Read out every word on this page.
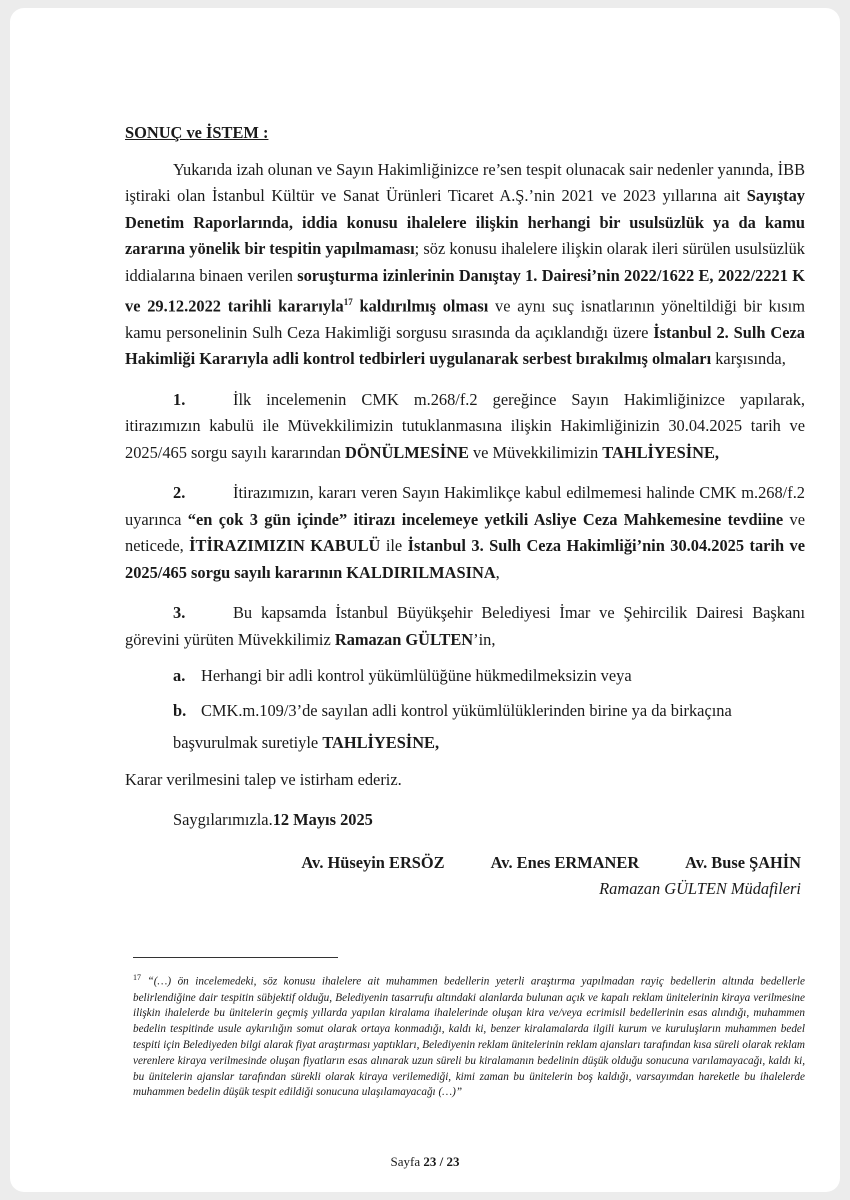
SONUÇ ve İSTEM :

Yukarıda izah olunan ve Sayın Hakimliğinizce re’sen tespit olunacak sair nedenler yanında, İBB iştiraki olan İstanbul Kültür ve Sanat Ürünleri Ticaret A.Ş.’nin 2021 ve 2023 yıllarına ait Sayıştay Denetim Raporlarında, iddia konusu ihalelere ilişkin herhangi bir usulsüzlük ya da kamu zararına yönelik bir tespitin yapılmaması; söz konusu ihalelere ilişkin olarak ileri sürülen usulsüzlük iddialarına binaen verilen soruşturma izinlerinin Danıştay 1. Dairesi’nin 2022/1622 E, 2022/2221 K ve 29.12.2022 tarihli kararıyla$^{17}$ kaldırılmış olması ve aynı suç isnatlarının yöneltildiği bir kısım kamu personelinin Sulh Ceza Hakimliği sorgusu sırasında da açıklandığı üzere İstanbul 2. Sulh Ceza Hakimliği Kararıyla adli kontrol tedbirleri uygulanarak serbest bırakılmış olmaları karşısında,

1.	İlk incelemenin CMK m.268/f.2 gereğince Sayın Hakimliğinizce yapılarak, itirazımızın kabulü ile Müvekkilimizin tutuklanmasına ilişkin Hakimliğinizin 30.04.2025 tarih ve 2025/465 sorgu sayılı kararından DÖNÜLMESİNE ve Müvekkilimizin TAHLİYESİNE,

2.	İtirazımızın, kararı veren Sayın Hakimlikçe kabul edilmemesi halinde CMK m.268/f.2 uyarınca “en çok 3 gün içinde” itirazı incelemeye yetkili Asliye Ceza Mahkemesine tevdiine ve neticede, İTİRAZIMIZIN KABULÜ ile İstanbul 3. Sulh Ceza Hakimliği’nin 30.04.2025 tarih ve 2025/465 sorgu sayılı kararının KALDIRILMASINA,

3.	Bu kapsamda İstanbul Büyükşehir Belediyesi İmar ve Şehircilik Dairesi Başkanı görevini yürüten Müvekkilimiz Ramazan GÜLTEN’in,

a. Herhangi bir adli kontrol yükümlülüğüne hükmedilmeksizin veya

b. CMK.m.109/3’de sayılan adli kontrol yükümlülüklerinden birine ya da birkaçına

başvurulmak suretiyle TAHLİYESİNE,

Karar verilmesini talep ve istirham ederiz.

Saygılarımızla.12 Mayıs 2025

Av. Hüseyin ERSÖZ	Av. Enes ERMANER	Av. Buse ŞAHİN
Ramazan GÜLTEN Müdafileri

$^{17}$ “(…) ön incelemedeki, söz konusu ihalelere ait muhammen bedellerin yeterli araştırma yapılmadan rayiç bedellerin altında bedellerle belirlendiğine dair tespitin sübjektif olduğu, Belediyenin tasarrufu altındaki alanlarda bulunan açık ve kapalı reklam ünitelerinin kiraya verilmesine ilişkin ihalelerde bu ünitelerin geçmiş yıllarda yapılan kiralama ihalelerinde oluşan kira ve/veya ecrimisil bedellerinin esas alındığı, muhammen bedelin tespitinde usule aykırılığın somut olarak ortaya konmadığı, kaldı ki, benzer kiralamalarda ilgili kurum ve kuruluşların muhammen bedel tespiti için Belediyeden bilgi alarak fiyat araştırması yaptıkları, Belediyenin reklam ünitelerinin reklam ajansları tarafından kısa süreli olarak reklam verenlere kiraya verilmesinde oluşan fiyatların esas alınarak uzun süreli bu kiralamanın bedelinin düşük olduğu sonucuna varılamayacağı, kaldı ki, bu ünitelerin ajanslar tarafından sürekli olarak kiraya verilemediği, kimi zaman bu ünitelerin boş kaldığı, varsayımdan hareketle bu ihalelerde muhammen bedelin düşük tespit edildiği sonucuna ulaşılamayacağı (…)”

Sayfa 23 / 23
